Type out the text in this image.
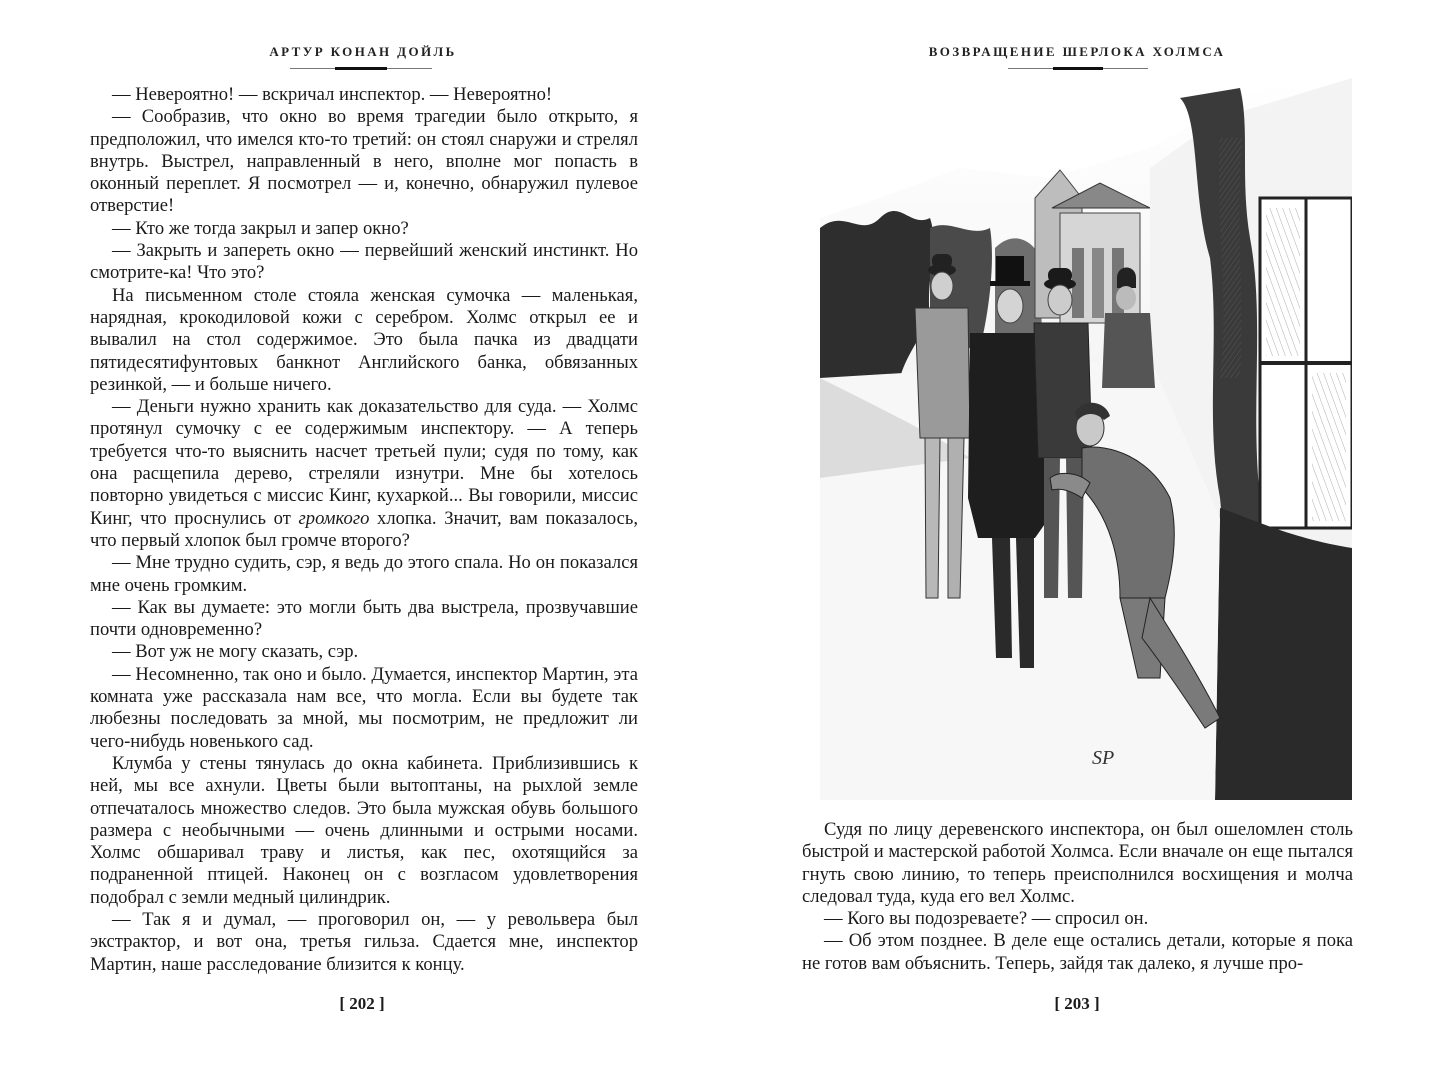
АРТУР КОНАН ДОЙЛЬ

— Невероятно! — вскричал инспектор. — Невероятно!

— Сообразив, что окно во время трагедии было открыто, я предположил, что имелся кто-то третий: он стоял снаружи и стрелял внутрь. Выстрел, направленный в него, вполне мог попасть в оконный переплет. Я посмотрел — и, конечно, обнаружил пулевое отверстие!

— Кто же тогда закрыл и запер окно?

— Закрыть и запереть окно — первейший женский инстинкт. Но смотрите-ка! Что это?

На письменном столе стояла женская сумочка — маленькая, нарядная, крокодиловой кожи с серебром. Холмс открыл ее и вывалил на стол содержимое. Это была пачка из двадцати пятидесятифунтовых банкнот Английского банка, обвязанных резинкой, — и больше ничего.

— Деньги нужно хранить как доказательство для суда. — Холмс протянул сумочку с ее содержимым инспектору. — А теперь требуется что-то выяснить насчет третьей пули; судя по тому, как она расщепила дерево, стреляли изнутри. Мне бы хотелось повторно увидеться с миссис Кинг, кухаркой... Вы говорили, миссис Кинг, что проснулись от громкого хлопка. Значит, вам показалось, что первый хлопок был громче второго?

— Мне трудно судить, сэр, я ведь до этого спала. Но он показался мне очень громким.

— Как вы думаете: это могли быть два выстрела, прозвучавшие почти одновременно?

— Вот уж не могу сказать, сэр.

— Несомненно, так оно и было. Думается, инспектор Мартин, эта комната уже рассказала нам все, что могла. Если вы будете так любезны последовать за мной, мы посмотрим, не предложит ли чего-нибудь новенького сад.

Клумба у стены тянулась до окна кабинета. Приблизившись к ней, мы все ахнули. Цветы были вытоптаны, на рыхлой земле отпечаталось множество следов. Это была мужская обувь большого размера с необычными — очень длинными и острыми носами. Холмс обшаривал траву и листья, как пес, охотящийся за подраненной птицей. Наконец он с возгласом удовлетворения подобрал с земли медный цилиндрик.

— Так я и думал, — проговорил он, — у револьвера был экстрактор, и вот она, третья гильза. Сдается мне, инспектор Мартин, наше расследование близится к концу.

[ 202 ]
ВОЗВРАЩЕНИЕ ШЕРЛОКА ХОЛМСА
SP

Судя по лицу деревенского инспектора, он был ошеломлен столь быстрой и мастерской работой Холмса. Если вначале он еще пытался гнуть свою линию, то теперь преисполнился восхищения и молча следовал туда, куда его вел Холмс.

— Кого вы подозреваете? — спросил он.

— Об этом позднее. В деле еще остались детали, которые я пока не готов вам объяснить. Теперь, зайдя так далеко, я лучше про-

[ 203 ]
